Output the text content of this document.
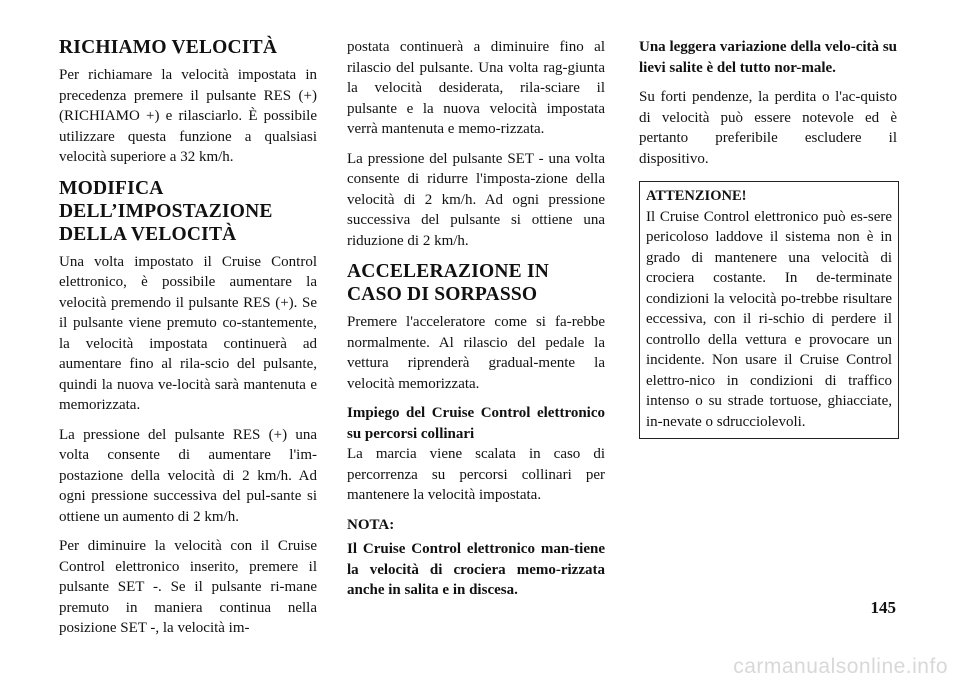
RICHIAMO VELOCITÀ

Per richiamare la velocità impostata in precedenza premere il pulsante RES (+) (RICHIAMO +) e rilasciarlo. È possibile utilizzare questa funzione a qualsiasi velocità superiore a 32 km/h.

MODIFICA DELL’IMPOSTAZIONE DELLA VELOCITÀ

Una volta impostato il Cruise Control elettronico, è possibile aumentare la velocità premendo il pulsante RES (+). Se il pulsante viene premuto co-stantemente, la velocità impostata continuerà ad aumentare fino al rila-scio del pulsante, quindi la nuova ve-locità sarà mantenuta e memorizzata.

La pressione del pulsante RES (+) una volta consente di aumentare l'im-postazione della velocità di 2 km/h. Ad ogni pressione successiva del pul-sante si ottiene un aumento di 2 km/h.

Per diminuire la velocità con il Cruise Control elettronico inserito, premere il pulsante SET -. Se il pulsante ri-mane premuto in maniera continua nella posizione SET -, la velocità im-

postata continuerà a diminuire fino al rilascio del pulsante. Una volta rag-giunta la velocità desiderata, rila-sciare il pulsante e la nuova velocità impostata verrà mantenuta e memo-rizzata.

La pressione del pulsante SET - una volta consente di ridurre l'imposta-zione della velocità di 2 km/h. Ad ogni pressione successiva del pulsante si ottiene una riduzione di 2 km/h.

ACCELERAZIONE IN CASO DI SORPASSO

Premere l'acceleratore come si fa-rebbe normalmente. Al rilascio del pedale la vettura riprenderà gradual-mente la velocità memorizzata.

Impiego del Cruise Control elettronico su percorsi collinari

La marcia viene scalata in caso di percorrenza su percorsi collinari per mantenere la velocità impostata.

NOTA:

Il Cruise Control elettronico man-tiene la velocità di crociera memo-rizzata anche in salita e in discesa.

Una leggera variazione della velo-cità su lievi salite è del tutto nor-male.

Su forti pendenze, la perdita o l'ac-quisto di velocità può essere notevole ed è pertanto preferibile escludere il dispositivo.

ATTENZIONE!

Il Cruise Control elettronico può es-sere pericoloso laddove il sistema non è in grado di mantenere una velocità di crociera costante. In de-terminate condizioni la velocità po-trebbe risultare eccessiva, con il ri-schio di perdere il controllo della vettura e provocare un incidente. Non usare il Cruise Control elettro-nico in condizioni di traffico intenso o su strade tortuose, ghiacciate, in-nevate o sdrucciolevoli.

145
carmanualsonline.info
